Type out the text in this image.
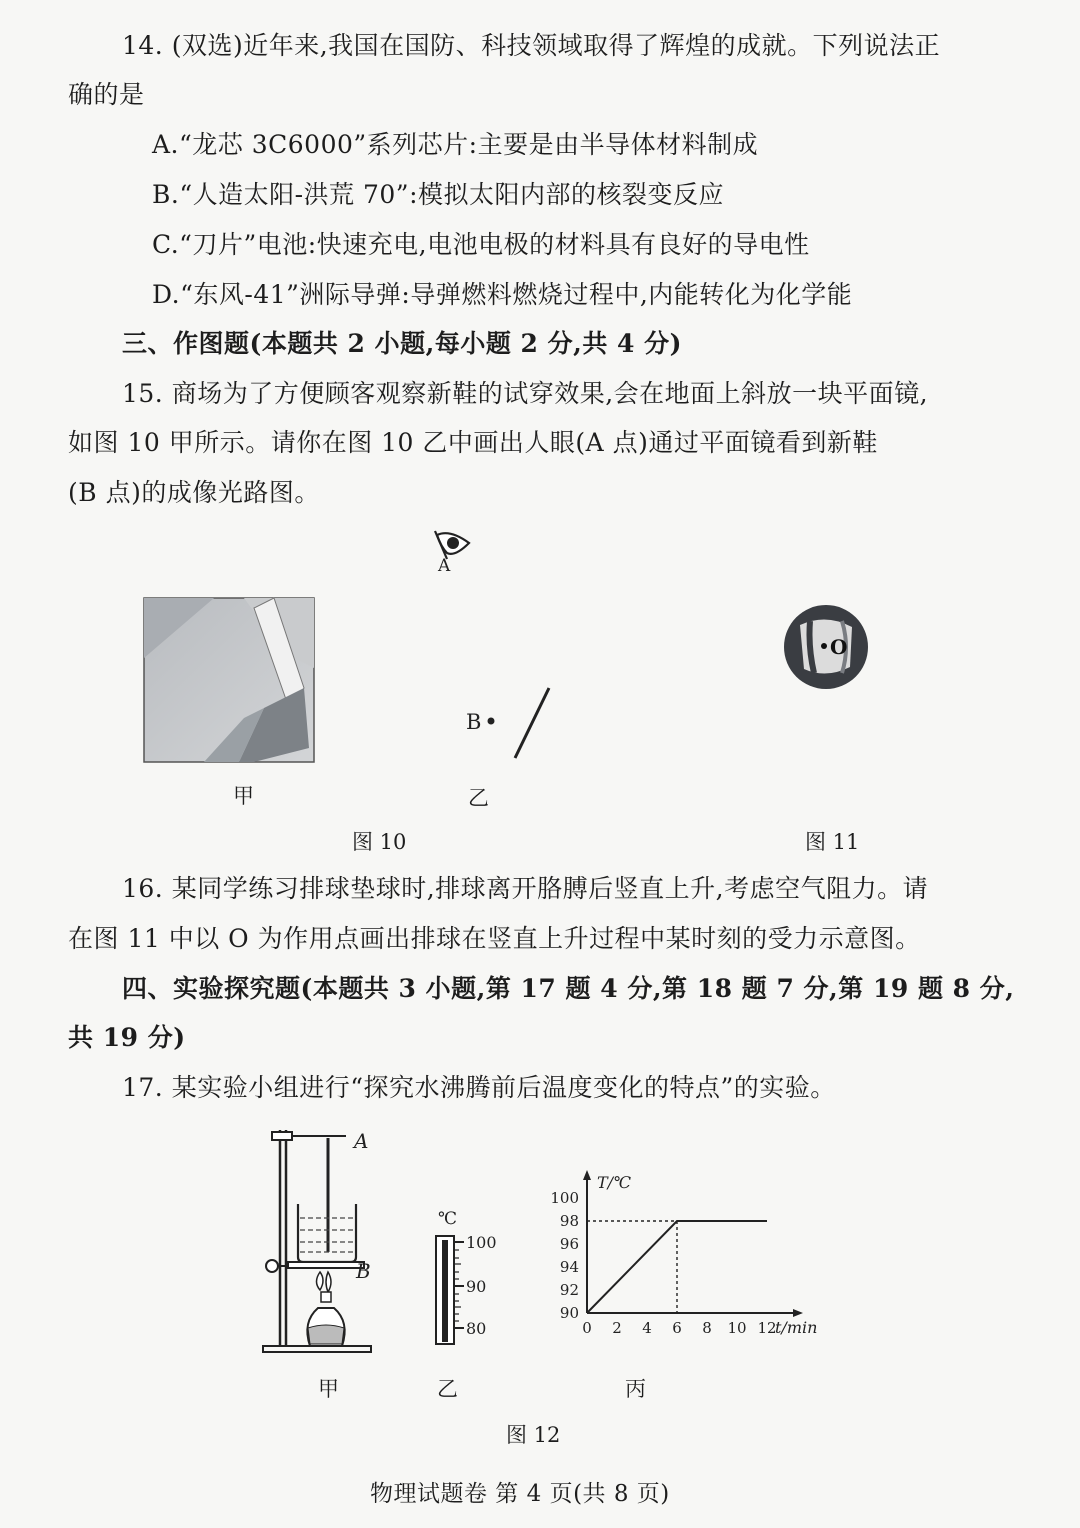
14. (双选)近年来,我国在国防、科技领域取得了辉煌的成就。下列说法正
确的是
A.“龙芯 3C6000”系列芯片:主要是由半导体材料制成
B.“人造太阳-洪荒 70”:模拟太阳内部的核裂变反应
C.“刀片”电池:快速充电,电池电极的材料具有良好的导电性
D.“东风-41”洲际导弹:导弹燃料燃烧过程中,内能转化为化学能
三、作图题(本题共 2 小题,每小题 2 分,共 4 分)
15. 商场为了方便顾客观察新鞋的试穿效果,会在地面上斜放一块平面镜,
如图 10 甲所示。请你在图 10 乙中画出人眼(A 点)通过平面镜看到新鞋
(B 点)的成像光路图。
甲
A
B
乙
图 10
O
图 11
16. 某同学练习排球垫球时,排球离开胳膊后竖直上升,考虑空气阻力。请
在图 11 中以 O 为作用点画出排球在竖直上升过程中某时刻的受力示意图。
四、实验探究题(本题共 3 小题,第 17 题 4 分,第 18 题 7 分,第 19 题 8 分,
共 19 分)
17. 某实验小组进行“探究水沸腾前后温度变化的特点”的实验。
A
B
甲
℃
100
90
80
乙
0 2 4 6 8 10 12
90
92
94
96
98
100
T/℃
t/min
丙
图 12
物理试题卷 第 4 页(共 8 页)
